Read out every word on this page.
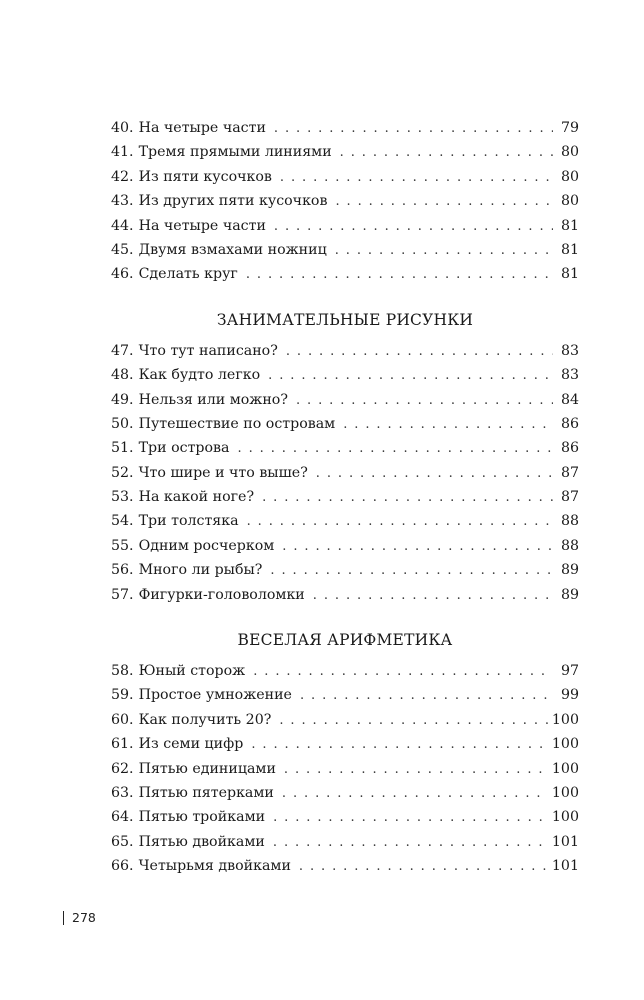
40. На четыре части . . .	79
41. Тремя прямыми линиями . . .	80
42. Из пяти кусочков . . .	80
43. Из других пяти кусочков . . .	80
44. На четыре части . . .	81
45. Двумя взмахами ножниц . . .	81
46. Сделать круг . . .	81
ЗАНИМАТЕЛЬНЫЕ РИСУНКИ
47. Что тут написано? . . .	83
48. Как будто легко . . .	83
49. Нельзя или можно? . . .	84
50. Путешествие по островам . . .	86
51. Три острова . . .	86
52. Что шире и что выше? . . .	87
53. На какой ноге? . . .	87
54. Три толстяка . . .	88
55. Одним росчерком . . .	88
56. Много ли рыбы? . . .	89
57. Фигурки-головоломки . . .	89
ВЕСЕЛАЯ АРИФМЕТИКА
58. Юный сторож . . .	97
59. Простое умножение . . .	99
60. Как получить 20? . . .	100
61. Из семи цифр . . .	100
62. Пятью единицами . . .	100
63. Пятью пятерками . . .	100
64. Пятью тройками . . .	100
65. Пятью двойками . . .	101
66. Четырьмя двойками . . .	101
278
